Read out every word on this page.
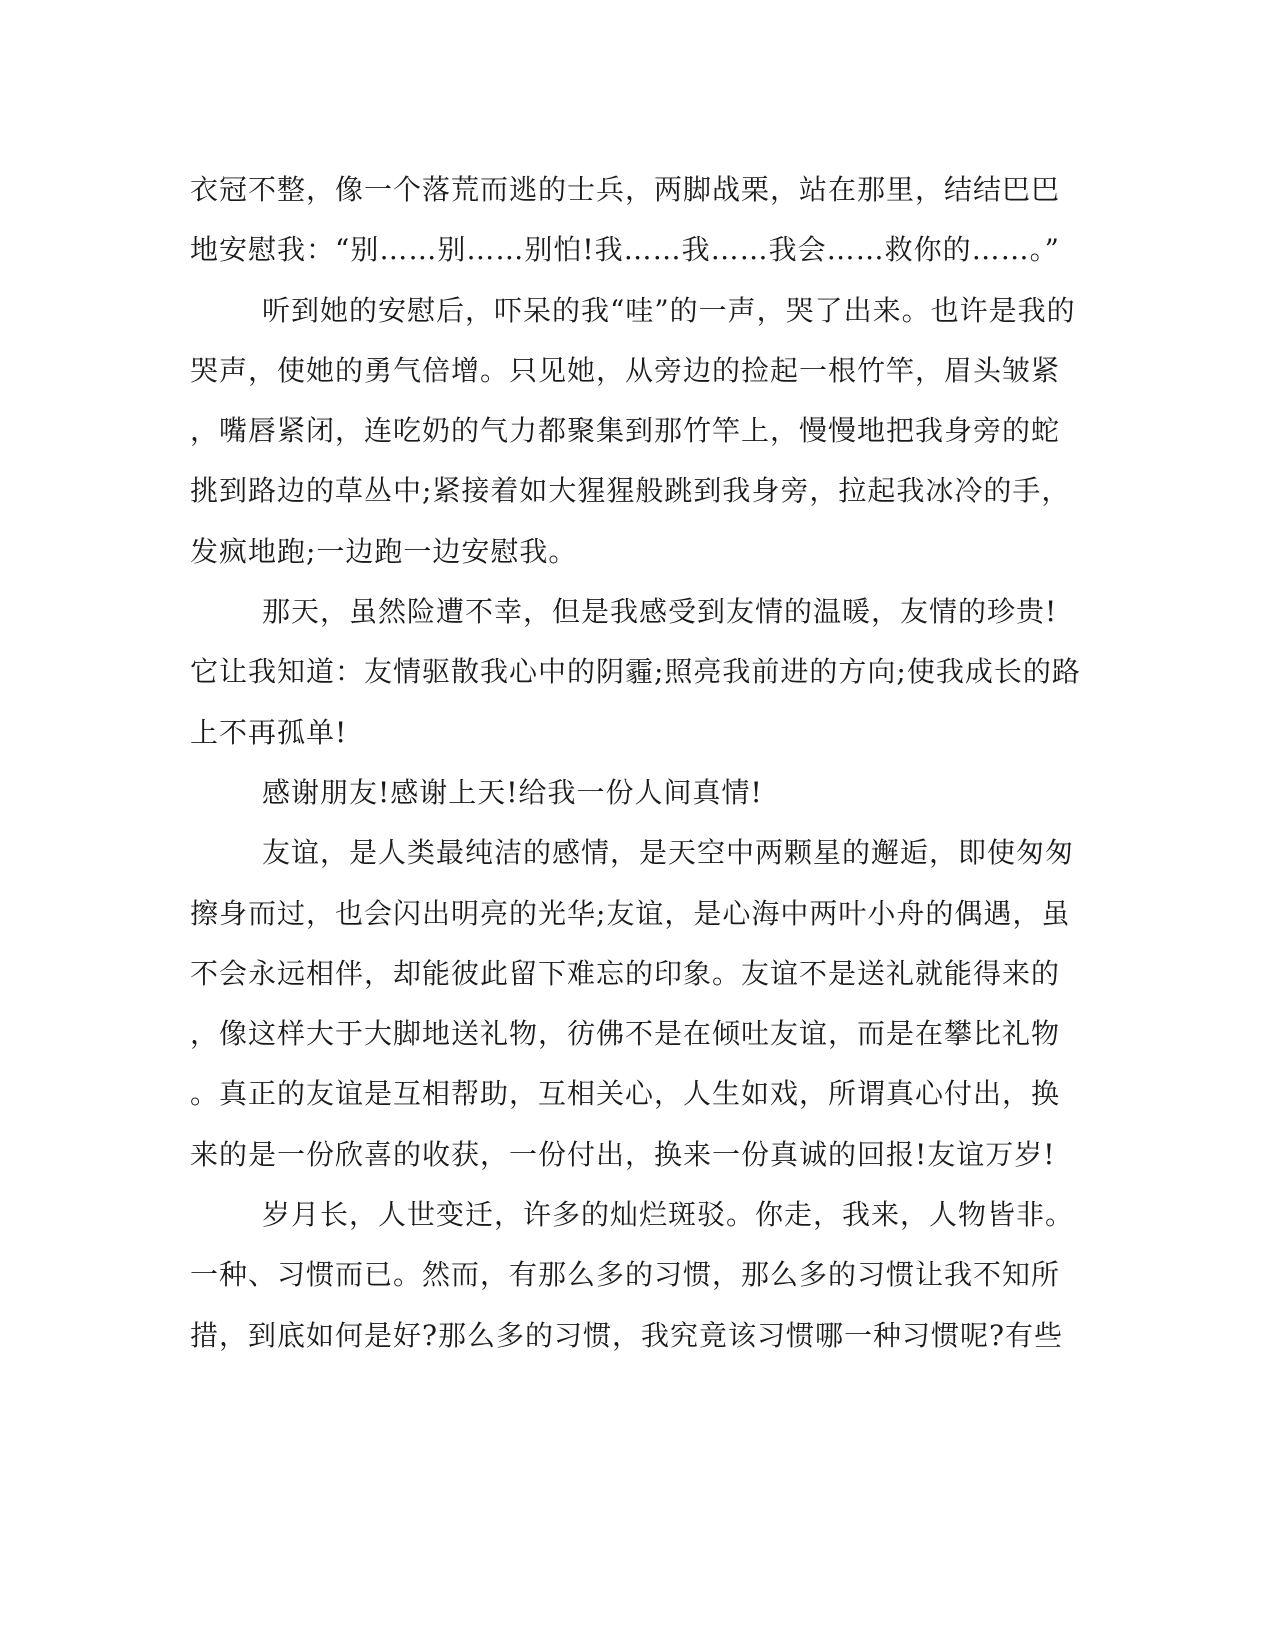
衣冠不整，像一个落荒而逃的士兵，两脚战栗，站在那里，结结巴巴
地安慰我：“别……别……别怕!我……我……我会……救你的……。”
听到她的安慰后，吓呆的我“哇”的一声，哭了出来。也许是我的
哭声，使她的勇气倍增。只见她，从旁边的捡起一根竹竿，眉头皱紧
，嘴唇紧闭，连吃奶的气力都聚集到那竹竿上，慢慢地把我身旁的蛇
挑到路边的草丛中;紧接着如大猩猩般跳到我身旁，拉起我冰冷的手，
发疯地跑;一边跑一边安慰我。
那天，虽然险遭不幸，但是我感受到友情的温暖，友情的珍贵!
它让我知道：友情驱散我心中的阴霾;照亮我前进的方向;使我成长的路
上不再孤单!
感谢朋友!感谢上天!给我一份人间真情!
友谊，是人类最纯洁的感情，是天空中两颗星的邂逅，即使匆匆
擦身而过，也会闪出明亮的光华;友谊，是心海中两叶小舟的偶遇，虽
不会永远相伴，却能彼此留下难忘的印象。友谊不是送礼就能得来的
，像这样大于大脚地送礼物，彷佛不是在倾吐友谊，而是在攀比礼物
。真正的友谊是互相帮助，互相关心，人生如戏，所谓真心付出，换
来的是一份欣喜的收获，一份付出，换来一份真诚的回报!友谊万岁!
岁月长，人世变迁，许多的灿烂斑驳。你走，我来，人物皆非。
一种、习惯而已。然而，有那么多的习惯，那么多的习惯让我不知所
措，到底如何是好?那么多的习惯，我究竟该习惯哪一种习惯呢?有些
